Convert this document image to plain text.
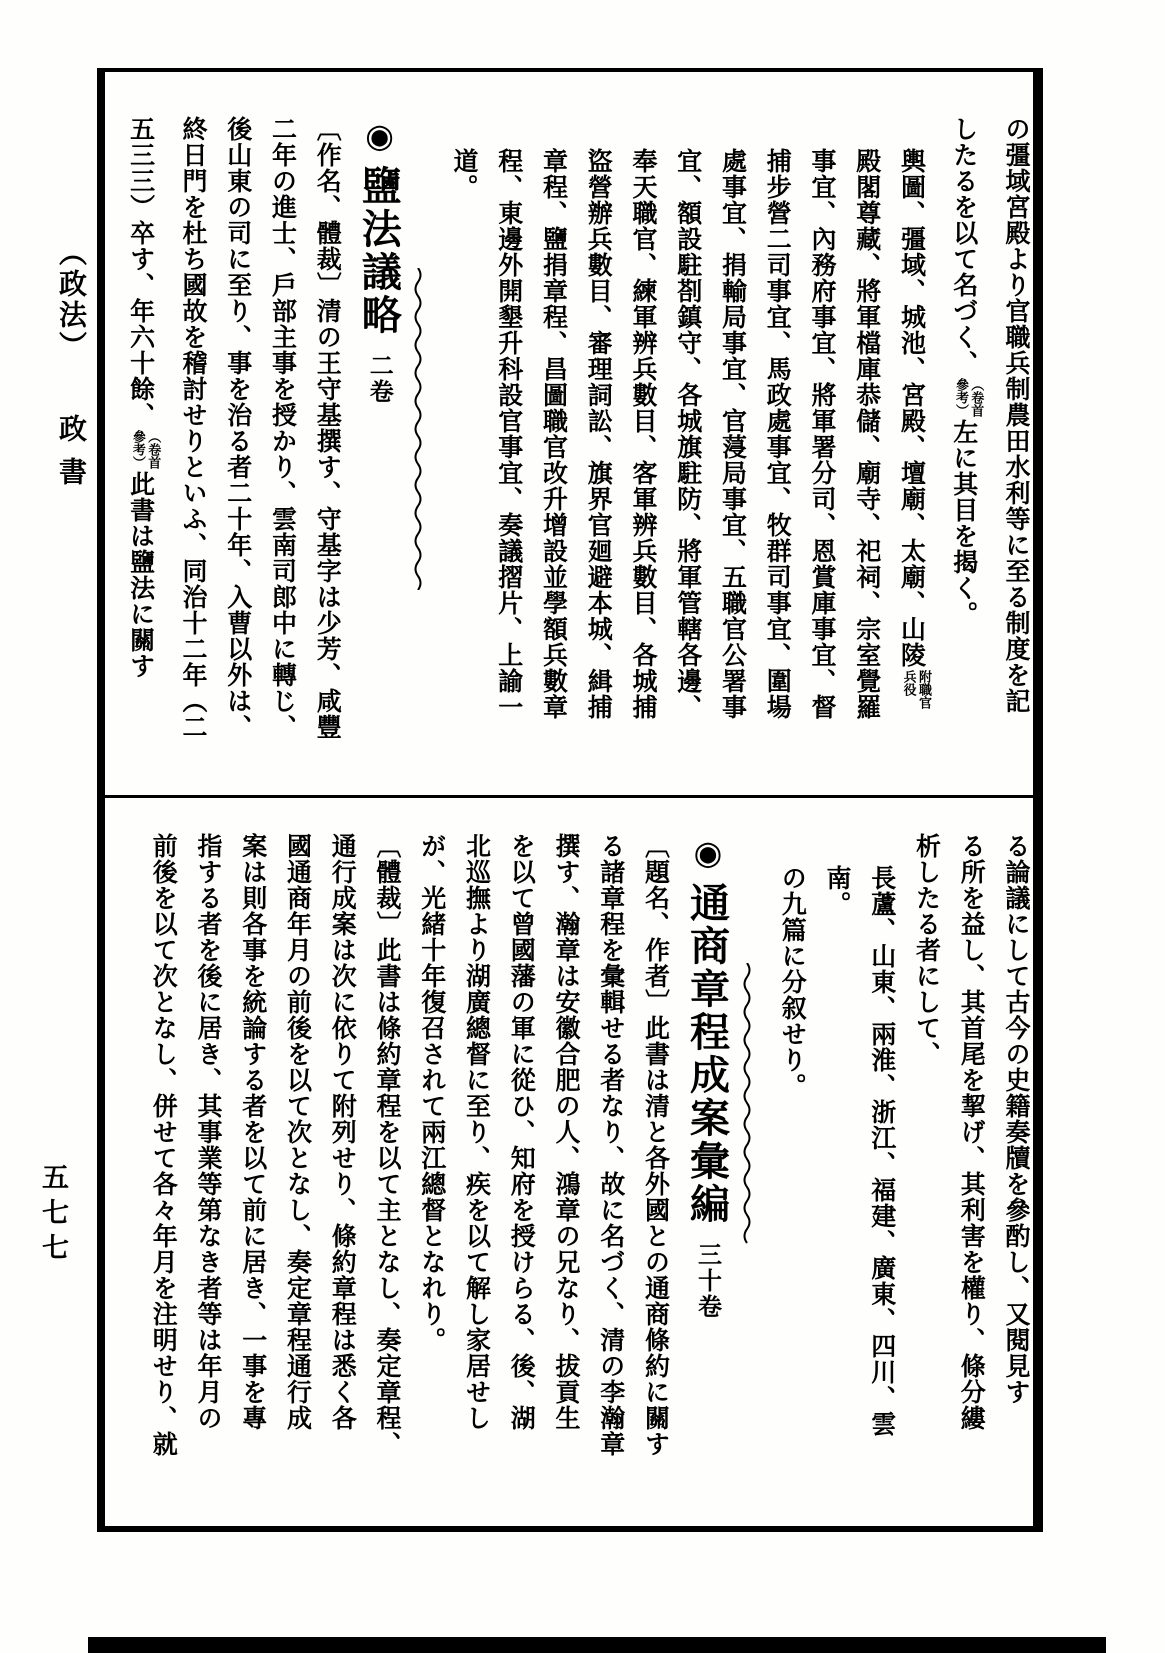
（政法） 政書
五七七
の彊域宮殿より官職兵制農田水利等に至る制度を記
したるを以て名づく、
（卷首
參考）
左に其目を揭く。
輿圖、彊域、城池、宮殿、壇廟、太廟、山陵
附職官
兵役
殿閣尊藏、將軍檔庫恭儲、廟寺、祀祠、宗室覺羅
事宜、內務府事宜、將軍署分司、恩賞庫事宜、督
捕步營二司事宜、馬政處事宜、牧群司事宜、圍場
處事宜、捐輸局事宜、官蓡局事宜、五職官公署事
宜、額設駐剳鎮守、各城旗駐防、將軍管轄各邊、
奉天職官、練軍辨兵數目、客軍辨兵數目、各城捕
盜營辦兵數目、審理詞訟、旗界官廻避本城、緝捕
章程、鹽捐章程、昌圖職官改升增設並學額兵數章
程、東邊外開墾升科設官事宜、奏議摺片、上諭一
道。
◉鹽法議略二卷
〔作名、體裁〕清の王守基撰す、守基字は少芳、咸豐
二年の進士、戶部主事を授かり、雲南司郎中に轉じ、
後山東の司に至り、事を治る者二十年、入曹以外は、
終日門を杜ち國故を稽討せりといふ、同治十二年（二
五三三）卒す、年六十餘、
（卷首
參考）
此書は鹽法に關す
る論議にして古今の史籍奏牘を參酌し、又閱見す
る所を益し、其首尾を挈げ、其利害を權り、條分縷
析したる者にして、
長蘆、山東、兩淮、浙江、福建、廣東、四川、雲
南。
の九篇に分叙せり。
◉通商章程成案彙編三十卷
〔題名、作者〕此書は清と各外國との通商條約に關す
る諸章程を彙輯せる者なり、故に名づく、清の李瀚章
撰す、瀚章は安徽合肥の人、鴻章の兄なり、拔貢生
を以て曾國藩の軍に從ひ、知府を授けらる、後、湖
北巡撫より湖廣總督に至り、疾を以て解し家居せし
が、光緒十年復召されて兩江總督となれり。
〔體裁〕此書は條約章程を以て主となし、奏定章程、
通行成案は次に依りて附列せり、條約章程は悉く各
國通商年月の前後を以て次となし、奏定章程通行成
案は則各事を統論する者を以て前に居き、一事を專
指する者を後に居き、其事業等第なき者等は年月の
前後を以て次となし、併せて各々年月を注明せり、就
